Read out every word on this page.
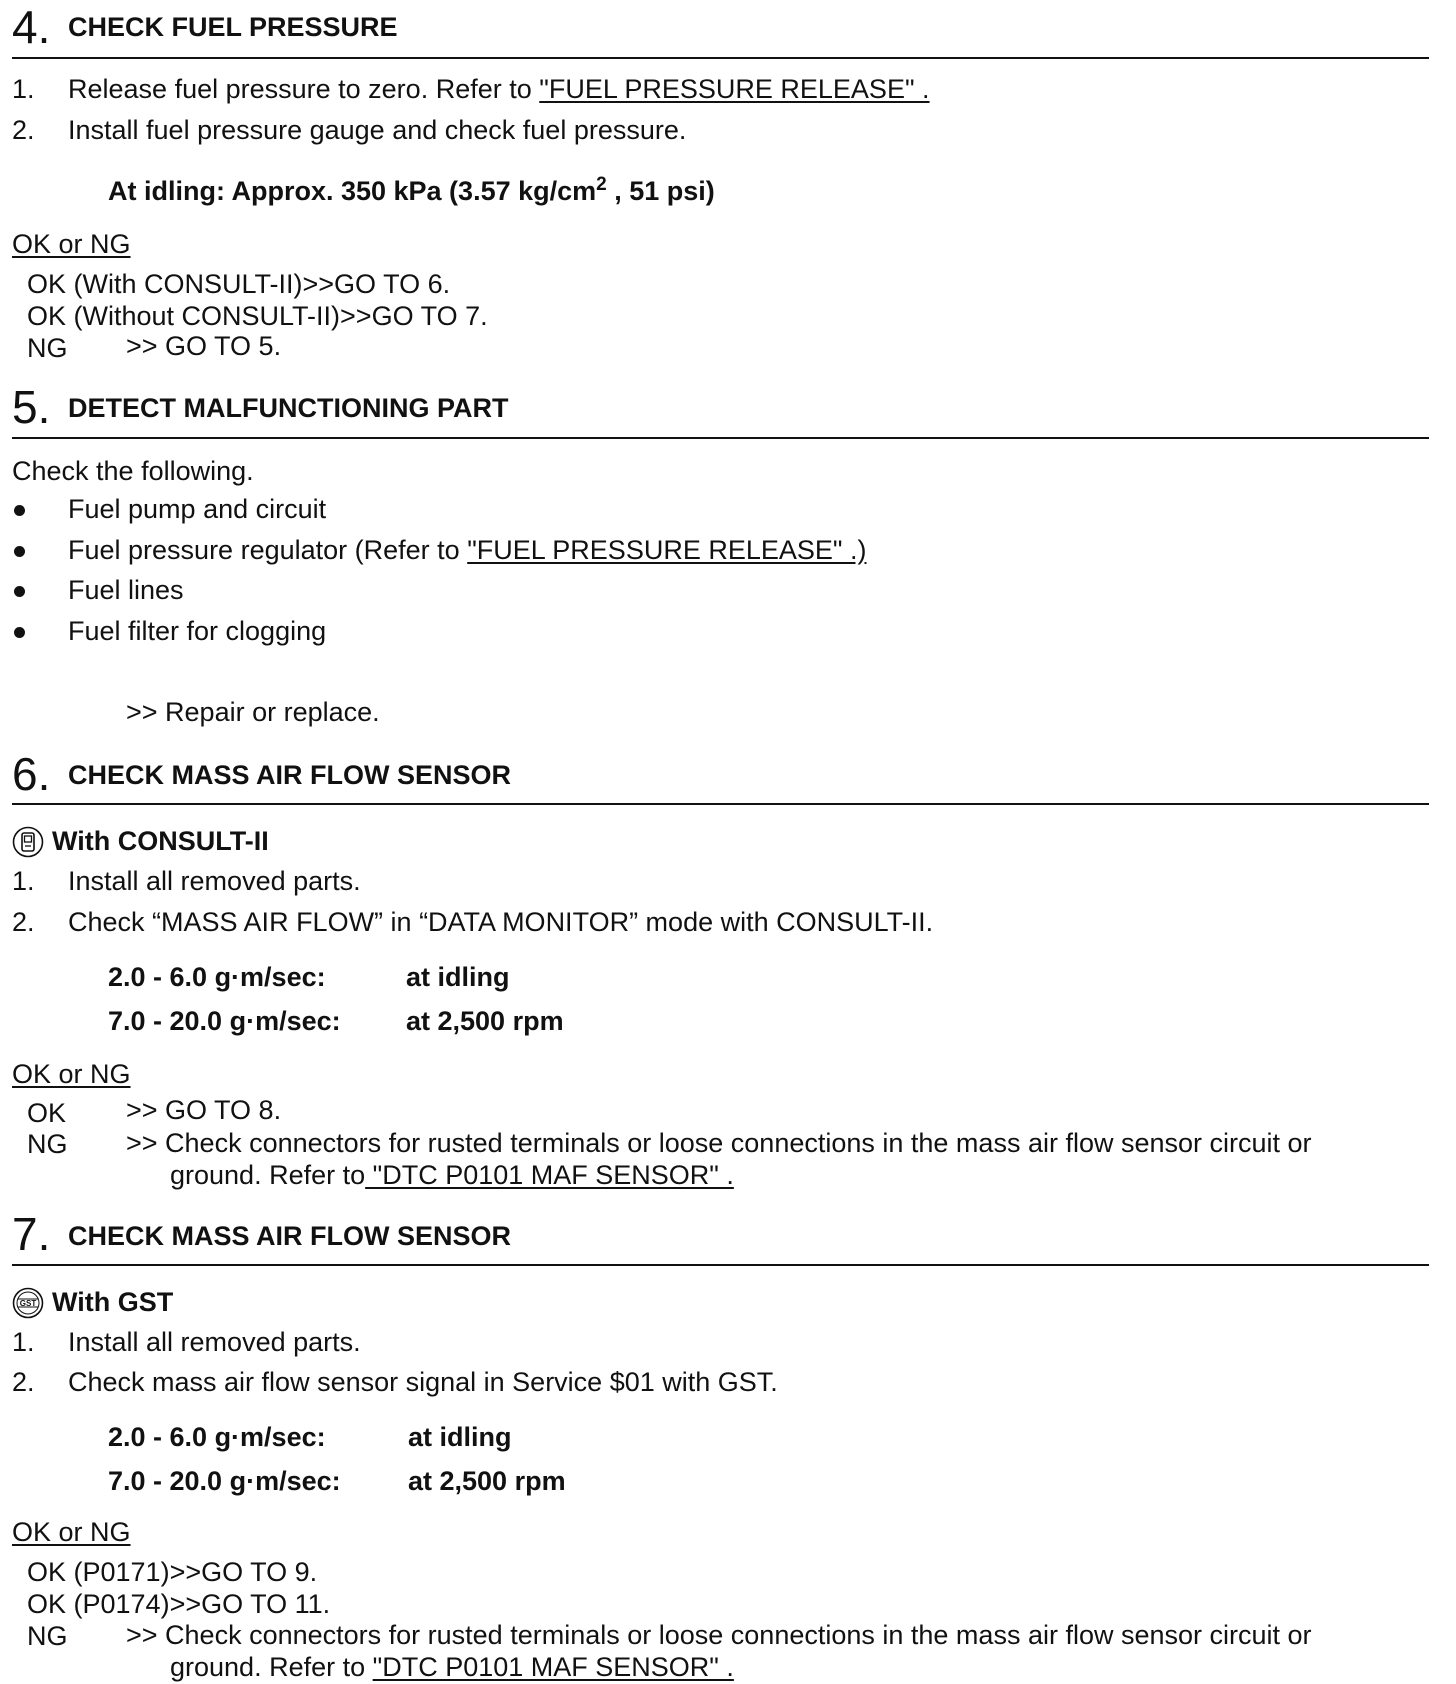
4. CHECK FUEL PRESSURE
1. Release fuel pressure to zero. Refer to "FUEL PRESSURE RELEASE" .
2. Install fuel pressure gauge and check fuel pressure.
At idling: Approx. 350 kPa (3.57 $kg/cm^2$ , 51 psi)
OK or NG
OK (With CONSULT-II)>>GO TO 6.
OK (Without CONSULT-II)>>GO TO 7.
NG >> GO TO 5.
5. DETECT MALFUNCTIONING PART
Check the following.
Fuel pump and circuit
Fuel pressure regulator (Refer to "FUEL PRESSURE RELEASE" .)
Fuel lines
Fuel filter for clogging
>> Repair or replace.
6. CHECK MASS AIR FLOW SENSOR
With CONSULT-II
1. Install all removed parts.
2. Check “MASS AIR FLOW” in “DATA MONITOR” mode with CONSULT-II.
2.0 - 6.0 g·m/sec:	at idling
7.0 - 20.0 g·m/sec: at 2,500 rpm
OK or NG
OK >> GO TO 8.
NG >> Check connectors for rusted terminals or loose connections in the mass air flow sensor circuit or
ground. Refer to "DTC P0101 MAF SENSOR" .
7. CHECK MASS AIR FLOW SENSOR
GST With GST
1. Install all removed parts.
2. Check mass air flow sensor signal in Service $01 with GST.
2.0 - 6.0 g·m/sec:	at idling
7.0 - 20.0 g·m/sec: at 2,500 rpm
OK or NG
OK (P0171)>>GO TO 9.
OK (P0174)>>GO TO 11.
NG >> Check connectors for rusted terminals or loose connections in the mass air flow sensor circuit or
ground. Refer to "DTC P0101 MAF SENSOR" .
